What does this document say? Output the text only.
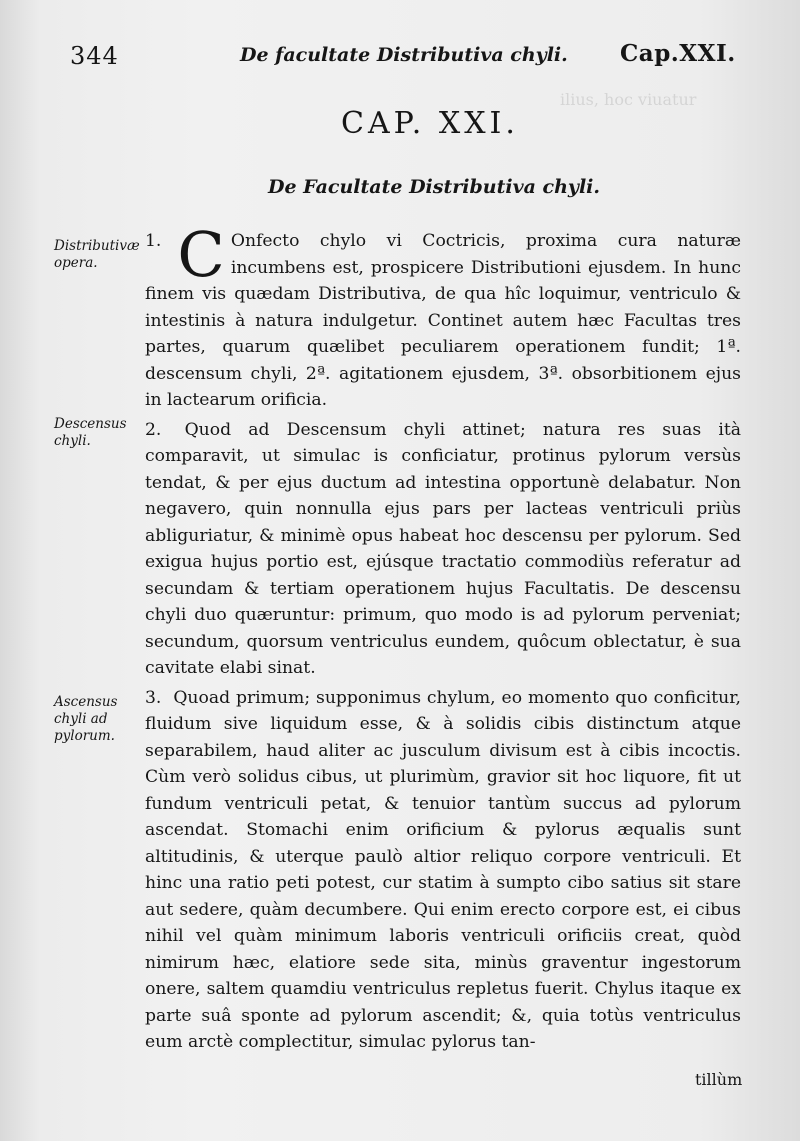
ilius, hoc viuatur
344	De facultate Distributiva chyli. Cap.XXI.
CAP. XXI.
De Facultate Distributiva chyli.
Distributivæ opera.
Descensus chyli.
Ascensus chyli ad pylorum.

1. C Onfecto chylo vi Coctricis, proxima cura naturæ incumbens est, prospicere Distributioni ejusdem. In hunc finem vis quædam Distributiva, de qua hîc loquimur, ventriculo & intestinis à natura indulgetur. Continet autem hæc Facultas tres partes, quarum quælibet peculiarem operationem fundit; 1ª. descensum chyli, 2ª. agitationem ejusdem, 3ª. obsorbitionem ejus in lactearum orificia.

2. Quod ad Descensum chyli attinet; natura res suas ità comparavit, ut simulac is conficiatur, protinus pylorum versùs tendat, & per ejus ductum ad intestina opportunè delabatur. Non negavero, quin nonnulla ejus pars per lacteas ventriculi priùs abliguriatur, & minimè opus habeat hoc descensu per pylorum. Sed exigua hujus portio est, ejúsque tractatio commodiùs referatur ad secundam & tertiam operationem hujus Facultatis. De descensu chyli duo quæruntur: primum, quo modo is ad pylorum perveniat; secundum, quorsum ventriculus eundem, quôcum oblectatur, è sua cavitate elabi sinat.

3. Quoad primum; supponimus chylum, eo momento quo conficitur, fluidum sive liquidum esse, & à solidis cibis distinctum atque separabilem, haud aliter ac jusculum divisum est à cibis incoctis. Cùm verò solidus cibus, ut plurimùm, gravior sit hoc liquore, fit ut fundum ventriculi petat, & tenuior tantùm succus ad pylorum ascendat. Stomachi enim orificium & pylorus æqualis sunt altitudinis, & uterque paulò altior reliquo corpore ventriculi. Et hinc una ratio peti potest, cur statim à sumpto cibo satius sit stare aut sedere, quàm decumbere. Qui enim erecto corpore est, ei cibus nihil vel quàm minimum laboris ventriculi orificiis creat, quòd nimirum hæc, elatiore sede sita, minùs graventur ingestorum onere, saltem quamdiu ventriculus repletus fuerit. Chylus itaque ex parte suâ sponte ad pylorum ascendit; &, quia totùs ventriculus eum arctè complectitur, simulac pylorus tan-

tillùm
